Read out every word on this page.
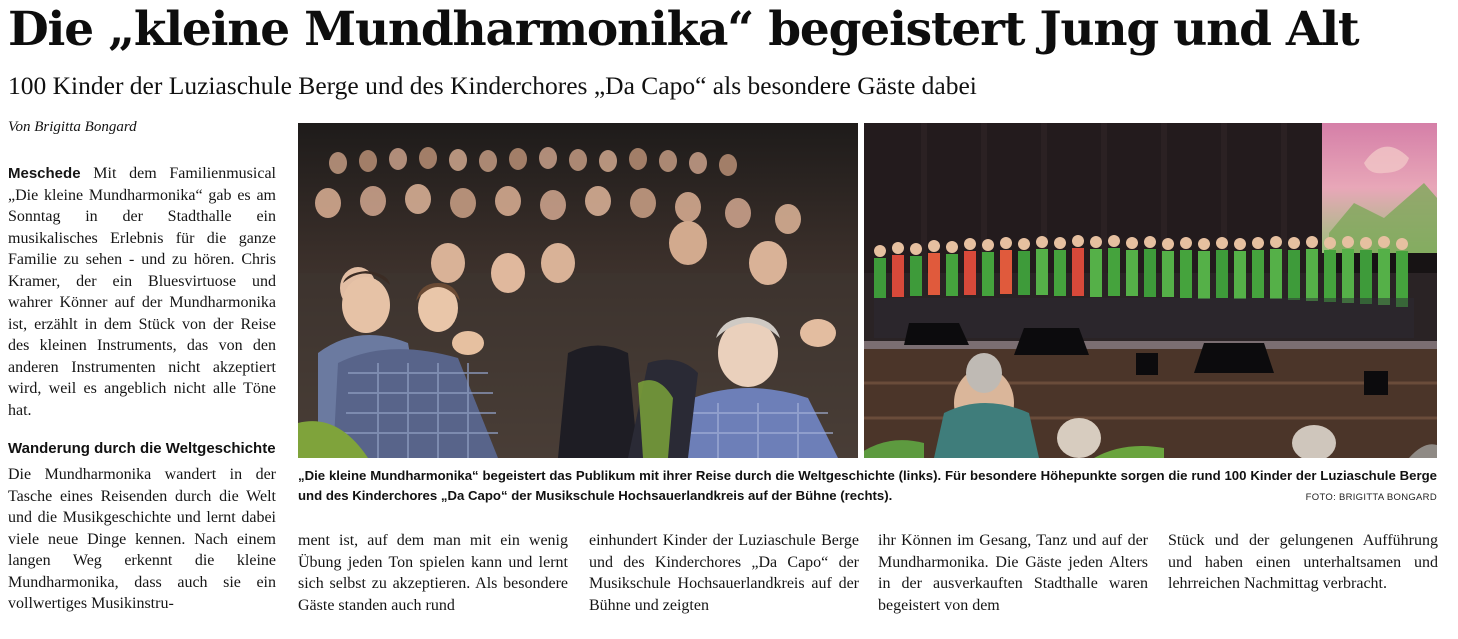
Die „kleine Mundharmonika“ begeistert Jung und Alt
100 Kinder der Luziaschule Berge und des Kinderchores „Da Capo“ als besondere Gäste dabei
Von Brigitta Bongard

Meschede Mit dem Familienmusical „Die kleine Mundharmonika“ gab es am Sonntag in der Stadthalle ein musikalisches Erlebnis für die ganze Familie zu sehen - und zu hören. Chris Kramer, der ein Bluesvirtuose und wahrer Könner auf der Mundharmonika ist, erzählt in dem Stück von der Reise des kleinen Instruments, das von den anderen Instrumenten nicht akzeptiert wird, weil es angeblich nicht alle Töne hat.

Wanderung durch die Weltgeschichte

Die Mundharmonika wandert in der Tasche eines Reisenden durch die Welt und die Musikgeschichte und lernt dabei viele neue Dinge kennen. Nach einem langen Weg erkennt die kleine Mundharmonika, dass auch sie ein vollwertiges Musikinstru-

„Die kleine Mundharmonika“ begeistert das Publikum mit ihrer Reise durch die Weltgeschichte (links). Für besondere Höhepunkte sorgen die rund 100 Kinder der Luziaschule Berge und des Kinderchores „Da Capo“ der Musikschule Hochsauerlandkreis auf der Bühne (rechts).	FOTO: BRIGITTA BONGARD

ment ist, auf dem man mit ein wenig Übung jeden Ton spielen kann und lernt sich selbst zu akzeptieren. Als besondere Gäste standen auch rund

einhundert Kinder der Luziaschule Berge und des Kinderchores „Da Capo“ der Musikschule Hochsauerlandkreis auf der Bühne und zeigten

ihr Können im Gesang, Tanz und auf der Mundharmonika. Die Gäste jeden Alters in der ausverkauften Stadthalle waren begeistert von dem

Stück und der gelungenen Aufführung und haben einen unterhaltsamen und lehrreichen Nachmittag verbracht.
